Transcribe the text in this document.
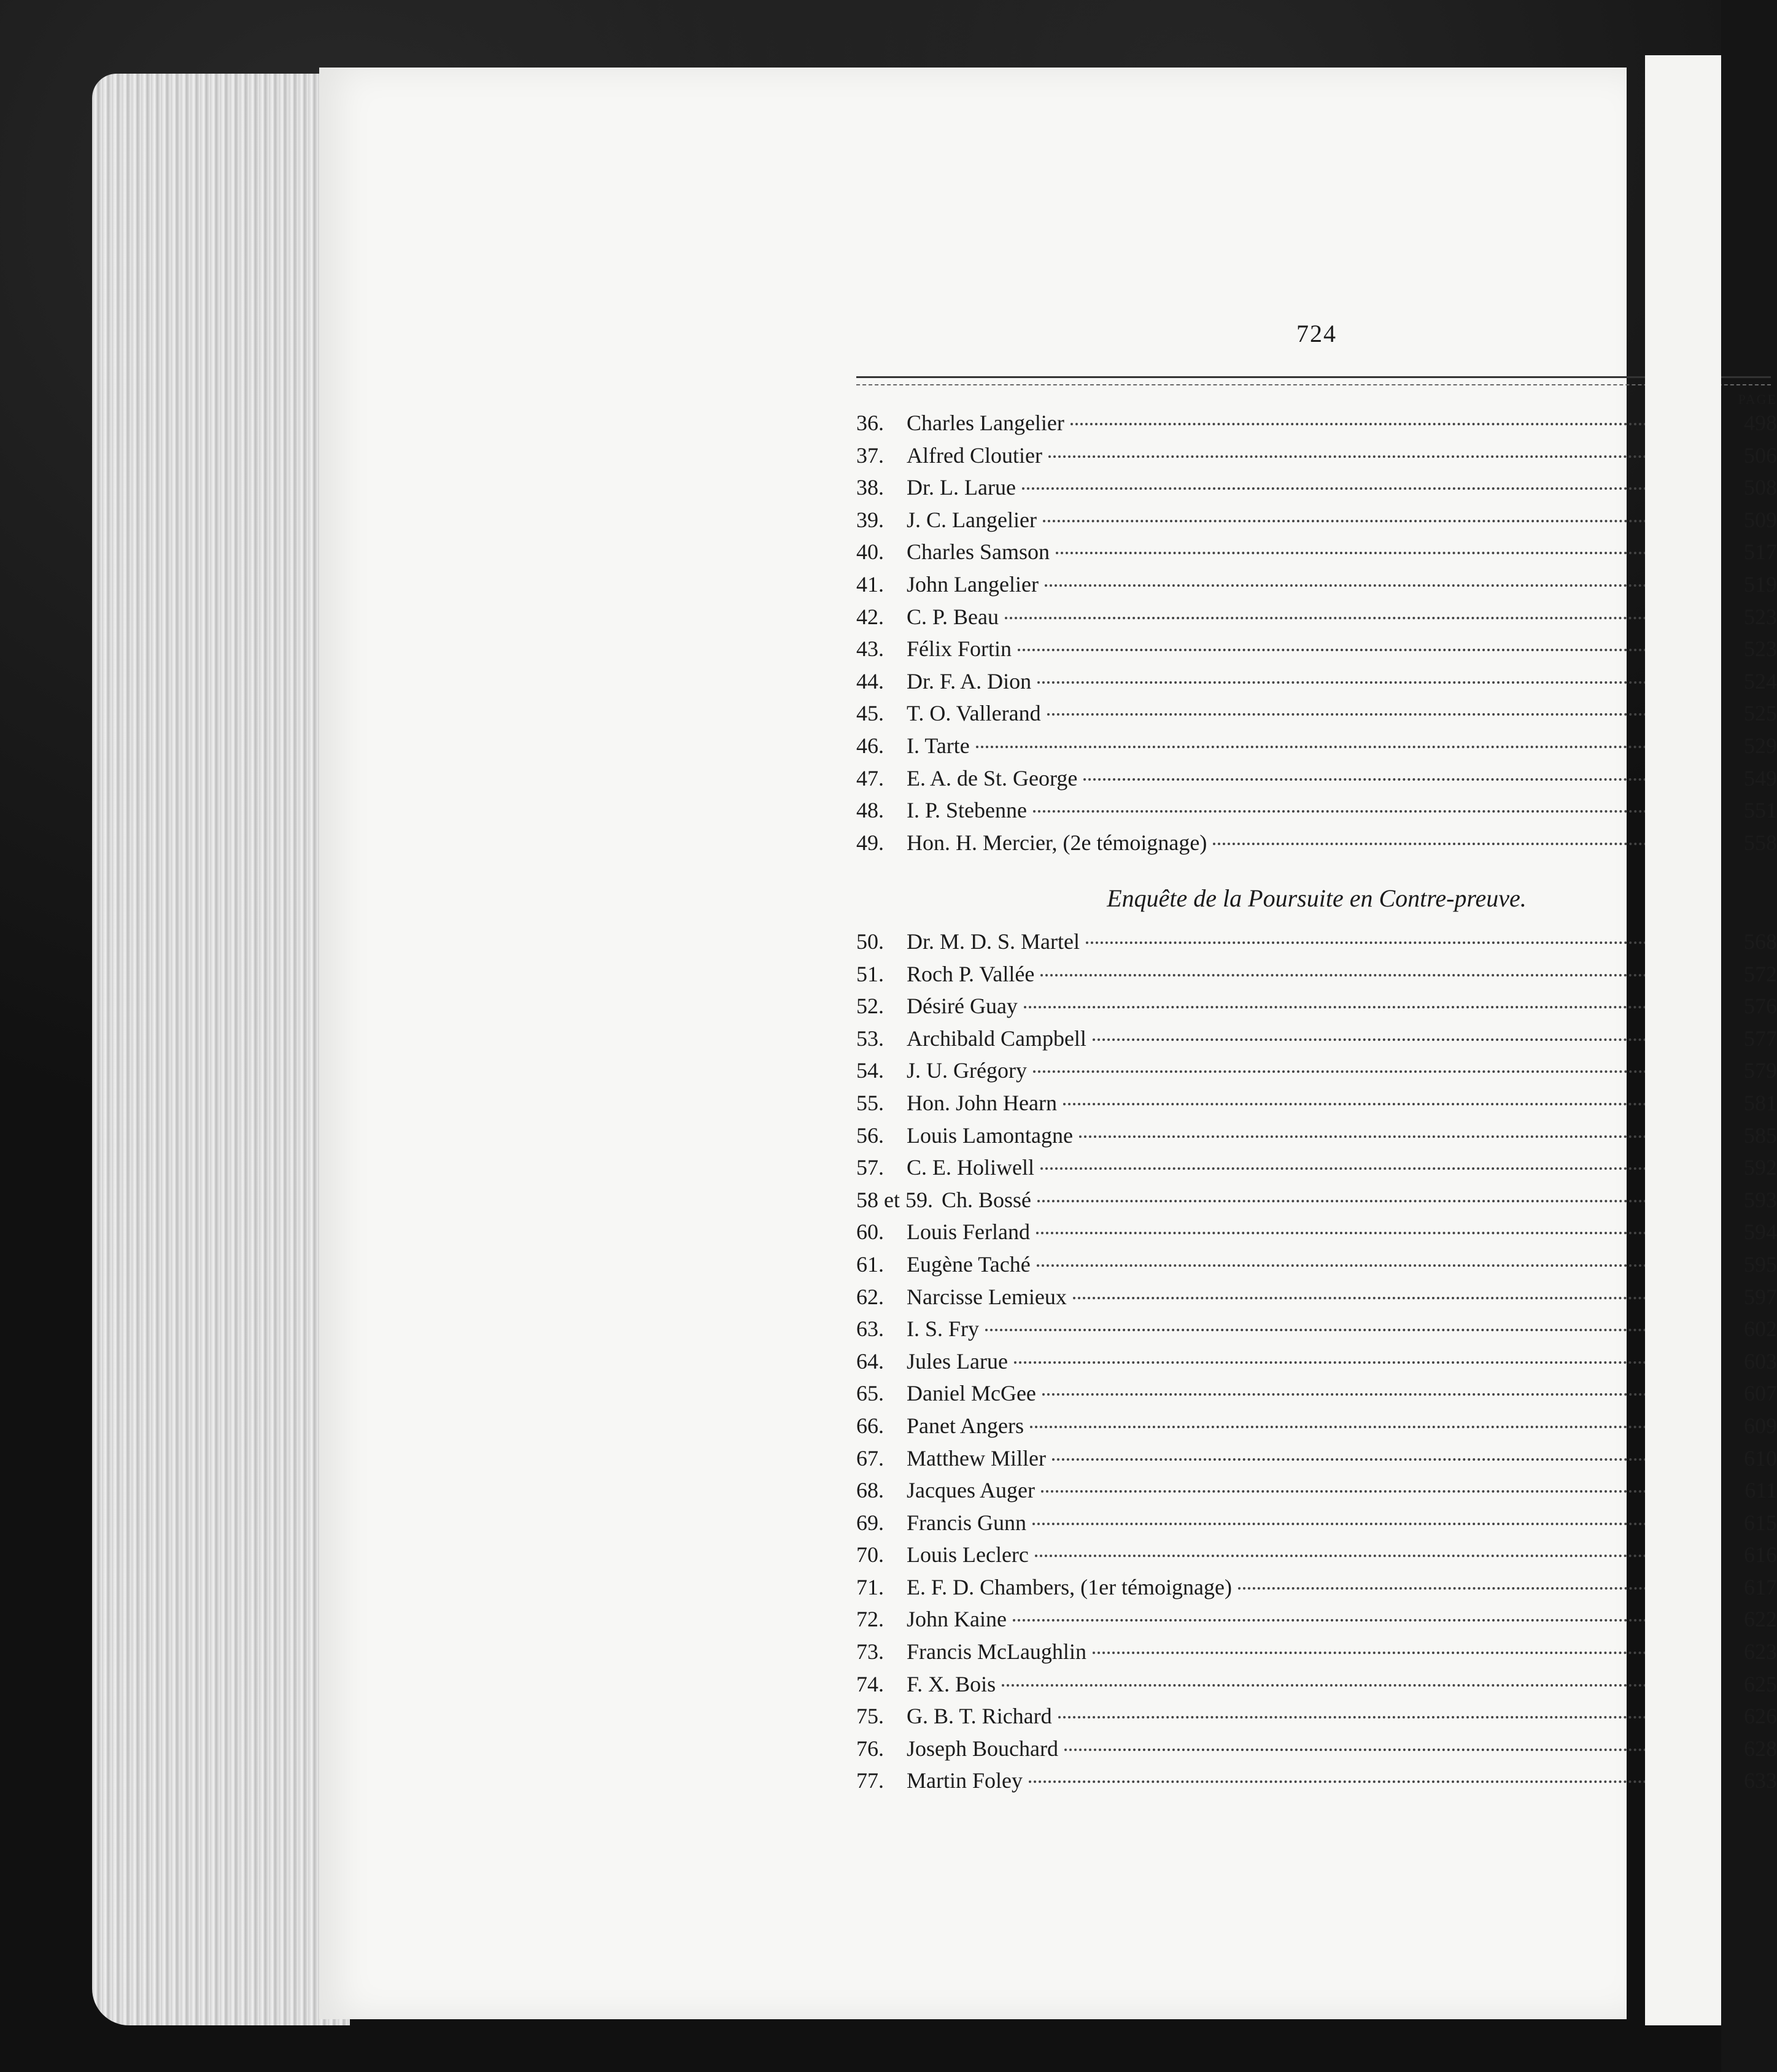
724
PAGE
36.	Charles Langelier	498
37.	Alfred Cloutier	506
38.	Dr. L. Larue	508
39.	J. C. Langelier	509
40.	Charles Samson	517
41.	John Langelier	519
42.	C. P. Beau	523
43.	Félix Fortin	523
44.	Dr. F. A. Dion	524
45.	T. O. Vallerand	525
46.	I. Tarte	529
47.	E. A. de St. George	549
48.	I. P. Stebenne	551
49.	Hon. H. Mercier, (2e témoignage)	558
Enquête de la Poursuite en Contre-preuve.
50.	Dr. M. D. S. Martel	568
51.	Roch P. Vallée	572
52.	Désiré Guay	576
53.	Archibald Campbell	577
54.	J. U. Grégory	579
55.	Hon. John Hearn	581
56.	Louis Lamontagne	585
57.	C. E. Holiwell	592
58 et 59. Ch. Bossé	593
60.	Louis Ferland	594
61.	Eugène Taché	595
62.	Narcisse Lemieux	597
63.	I. S. Fry	602
64.	Jules Larue	603
65.	Daniel McGee	607
66.	Panet Angers	609
67.	Matthew Miller	610
68.	Jacques Auger	611
69.	Francis Gunn	615
70.	Louis Leclerc	616
71.	E. F. D. Chambers, (1er témoignage)	617
72.	John Kaine	622
73.	Francis McLaughlin	623
74.	F. X. Bois	625
75.	G. B. T. Richard	626
76.	Joseph Bouchard	628
77.	Martin Foley	633
